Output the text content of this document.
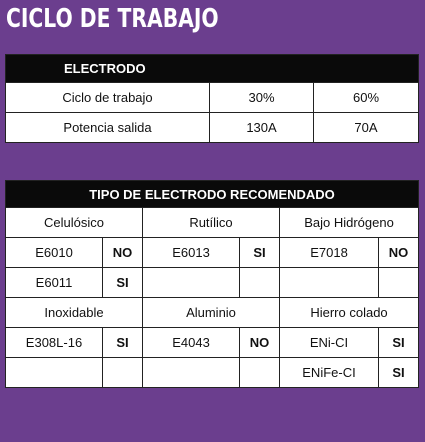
CICLO DE TRABAJO
ELECTRODO		
Ciclo de trabajo	30%	60%
Potencia salida	130A	70A
TIPO DE ELECTRODO RECOMENDADO					
Celulósico		Rutílico		Bajo Hidrógeno	
E6010	NO	E6013	SI	E7018	NO
E6011	SI				
Inoxidable		Aluminio		Hierro colado	
E308L-16	SI	E4043	NO	ENi-CI	SI
				ENiFe-CI	SI
